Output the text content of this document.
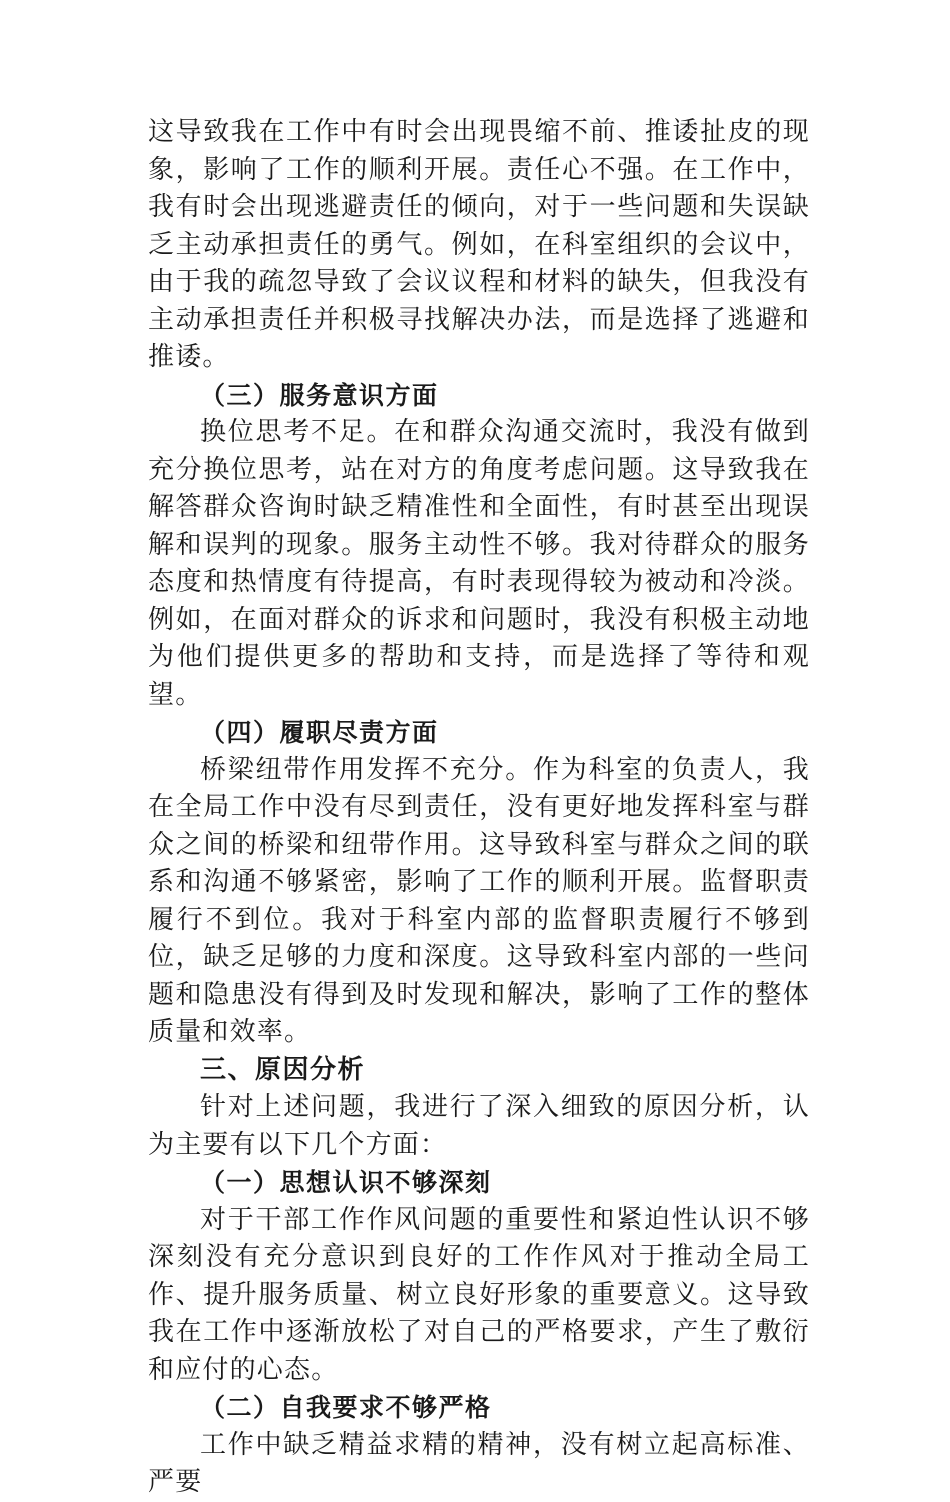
这导致我在工作中有时会出现畏缩不前、推诿扯皮的现象，影响了工作的顺利开展。责任心不强。在工作中，我有时会出现逃避责任的倾向，对于一些问题和失误缺乏主动承担责任的勇气。例如，在科室组织的会议中，由于我的疏忽导致了会议议程和材料的缺失，但我没有主动承担责任并积极寻找解决办法，而是选择了逃避和推诿。

（三）服务意识方面

换位思考不足。在和群众沟通交流时，我没有做到充分换位思考，站在对方的角度考虑问题。这导致我在解答群众咨询时缺乏精准性和全面性，有时甚至出现误解和误判的现象。服务主动性不够。我对待群众的服务态度和热情度有待提高，有时表现得较为被动和冷淡。例如，在面对群众的诉求和问题时，我没有积极主动地为他们提供更多的帮助和支持，而是选择了等待和观望。

（四）履职尽责方面

桥梁纽带作用发挥不充分。作为科室的负责人，我在全局工作中没有尽到责任，没有更好地发挥科室与群众之间的桥梁和纽带作用。这导致科室与群众之间的联系和沟通不够紧密，影响了工作的顺利开展。监督职责履行不到位。我对于科室内部的监督职责履行不够到位，缺乏足够的力度和深度。这导致科室内部的一些问题和隐患没有得到及时发现和解决，影响了工作的整体质量和效率。

三、原因分析

针对上述问题，我进行了深入细致的原因分析，认为主要有以下几个方面：

（一）思想认识不够深刻

对于干部工作作风问题的重要性和紧迫性认识不够深刻没有充分意识到良好的工作作风对于推动全局工作、提升服务质量、树立良好形象的重要意义。这导致我在工作中逐渐放松了对自己的严格要求，产生了敷衍和应付的心态。

（二）自我要求不够严格

工作中缺乏精益求精的精神，没有树立起高标准、严要
